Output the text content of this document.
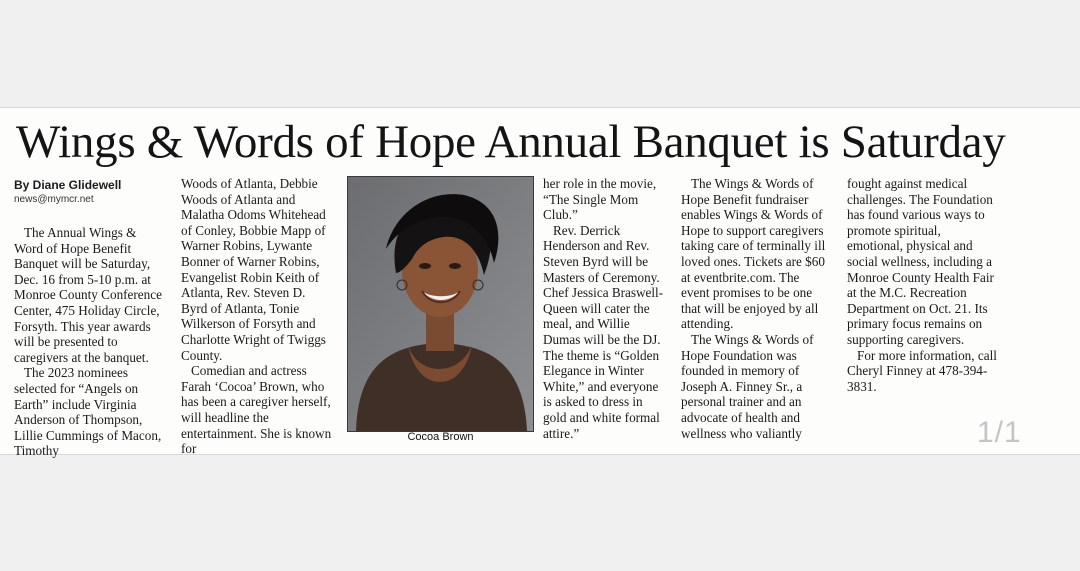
Wings & Words of Hope Annual Banquet is Saturday
By Diane Glidewell
news@mymcr.net

The Annual Wings & Word of Hope Benefit Banquet will be Saturday, Dec. 16 from 5-10 p.m. at Monroe County Conference Center, 475 Holiday Circle, Forsyth. This year awards will be presented to caregivers at the banquet.

The 2023 nominees selected for “Angels on Earth” include Virginia Anderson of Thompson, Lillie Cummings of Macon, Timothy

Woods of Atlanta, Debbie Woods of Atlanta and Malatha Odoms Whitehead of Conley, Bobbie Mapp of Warner Robins, Lywante Bonner of Warner Robins, Evangelist Robin Keith of Atlanta, Rev. Steven D. Byrd of Atlanta, Tonie Wilkerson of Forsyth and Charlotte Wright of Twiggs County.

Comedian and actress Farah ‘Cocoa’ Brown, who has been a caregiver herself, will headline the entertainment. She is known for

Cocoa Brown

her role in the movie, “The Single Mom Club.”

Rev. Derrick Henderson and Rev. Steven Byrd will be Masters of Ceremony. Chef Jessica Braswell-Queen will cater the meal, and Willie Dumas will be the DJ. The theme is “Golden Elegance in Winter White,” and everyone is asked to dress in gold and white formal attire.”

The Wings & Words of Hope Benefit fundraiser enables Wings & Words of Hope to support caregivers taking care of terminally ill loved ones. Tickets are $60 at eventbrite.com. The event promises to be one that will be enjoyed by all attending.

The Wings & Words of Hope Foundation was founded in memory of Joseph A. Finney Sr., a personal trainer and an advocate of health and wellness who valiantly

fought against medical challenges. The Foundation has found various ways to promote spiritual, emotional, physical and social wellness, including a Monroe County Health Fair at the M.C. Recreation Department on Oct. 21. Its primary focus remains on supporting caregivers.

For more information, call Cheryl Finney at 478-394-3831.

1/1
